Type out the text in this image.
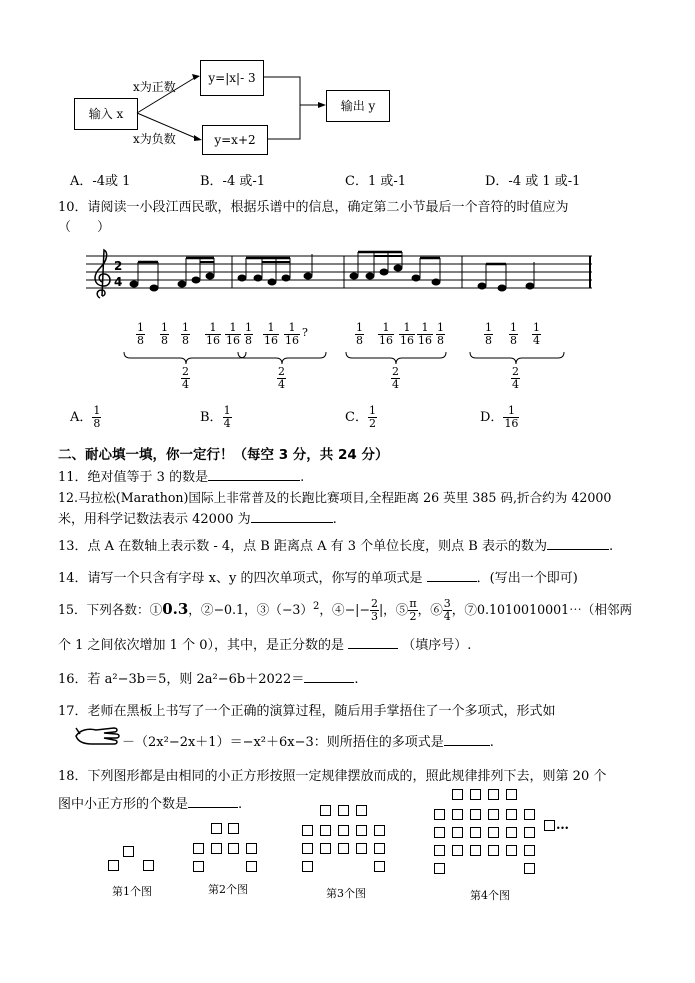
输入 x
y=|x|- 3
y=x+2
输出 y
x为正数
x为负数
A．-4或 1	B．-4 或-1	C．1 或-1	D．-4 或 1 或-1
10．请阅读一小段江西民歌，根据乐谱中的信息，确定第二小节最后一个音符的时值应为
（　　）
2
4
$\frac{1}{8} \frac{1}{8} \frac{1}{8} \frac{1}{16} \frac{1}{16} \frac{1}{8} \frac{1}{16} \frac{1}{16}$ ?	$\frac{1}{8} \frac{1}{16} \frac{1}{16} \frac{1}{16} \frac{1}{8}$	$\frac{1}{8} \frac{1}{8} \frac{1}{4}$
$\frac{2}{4}$	$\frac{2}{4}$	$\frac{2}{4}$	$\frac{2}{4}$
A． $\frac{1}{8}$	B． $\frac{1}{4}$	C． $\frac{1}{2}$	D． $\frac{1}{16}$
二、耐心填一填，你一定行！（每空 3 分，共 24 分）
11．绝对值等于 3 的数是	.
12.马拉松(Marathon)国际上非常普及的长跑比赛项目,全程距离 26 英里 385 码,折合约为 42000
米，用科学记数法表示 42000 为	.
13．点 A 在数轴上表示数 - 4，点 B 距离点 A 有 3 个单位长度，则点 B 表示的数为	.
14．请写一个只含有字母 x、y 的四次单项式，你写的单项式是	．(写出一个即可)
15．下列各数：①0.3，②−0.1，$③(-3)^2$，④−|− $\frac{2}{3}$ |，⑤ $\frac{\pi}{2}$ ，⑥ $\frac{3}{4}$ ，⑦0.1010010001⋯（相邻两
个 1 之间依次增加 1 个 0），其中，是正分数的是	（填序号）.
16．若 a²−3b＝5，则 2a²−6b＋2022＝	.
17．老师在黑板上书写了一个正确的演算过程，随后用手掌捂住了一个多项式，形式如
－（2x²−2x＋1）＝−x²＋6x−3：则所捂住的多项式是	.
18．下列图形都是由相同的小正方形按照一定规律摆放而成的，照此规律排列下去，则第 20 个
图中小正方形的个数是	.
…
第1个图	第2个图	第3个图	第4个图
